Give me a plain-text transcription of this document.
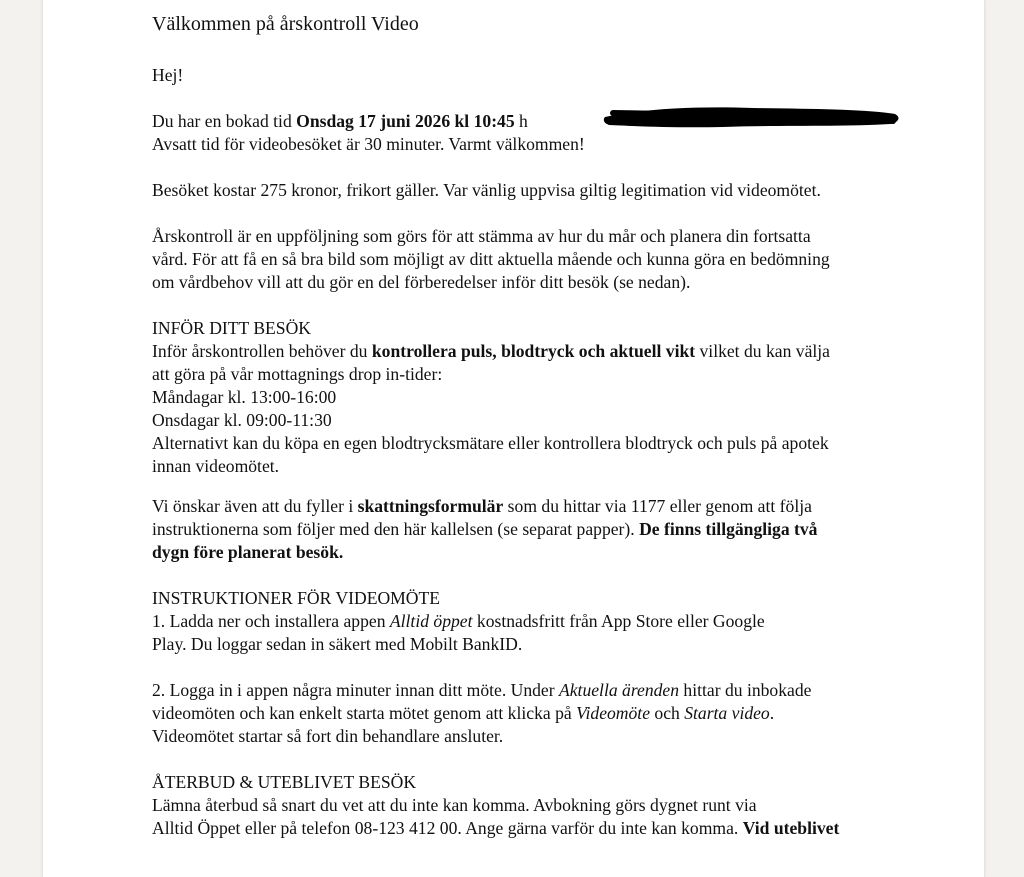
Välkommen på årskontroll Video

Hej!

Du har en bokad tid Onsdag 17 juni 2026 kl 10:45 h
Avsatt tid för videobesöket är 30 minuter. Varmt välkommen!

Besöket kostar 275 kronor, frikort gäller. Var vänlig uppvisa giltig legitimation vid videomötet.

Årskontroll är en uppföljning som görs för att stämma av hur du mår och planera din fortsatta
vård. För att få en så bra bild som möjligt av ditt aktuella mående och kunna göra en bedömning
om vårdbehov vill att du gör en del förberedelser inför ditt besök (se nedan).

INFÖR DITT BESÖK
Inför årskontrollen behöver du kontrollera puls, blodtryck och aktuell vikt vilket du kan välja
att göra på vår mottagnings drop in-tider:
Måndagar kl. 13:00-16:00
Onsdagar kl. 09:00-11:30
Alternativt kan du köpa en egen blodtrycksmätare eller kontrollera blodtryck och puls på apotek
innan videomötet.

Vi önskar även att du fyller i skattningsformulär som du hittar via 1177 eller genom att följa
instruktionerna som följer med den här kallelsen (se separat papper). De finns tillgängliga två
dygn före planerat besök.

INSTRUKTIONER FÖR VIDEOMÖTE
1. Ladda ner och installera appen Alltid öppet kostnadsfritt från App Store eller Google
Play. Du loggar sedan in säkert med Mobilt BankID.

2. Logga in i appen några minuter innan ditt möte. Under Aktuella ärenden hittar du inbokade
videomöten och kan enkelt starta mötet genom att klicka på Videomöte och Starta video.
Videomötet startar så fort din behandlare ansluter.

ÅTERBUD & UTEBLIVET BESÖK
Lämna återbud så snart du vet att du inte kan komma. Avbokning görs dygnet runt via
Alltid Öppet eller på telefon 08-123 412 00. Ange gärna varför du inte kan komma. Vid uteblivet
